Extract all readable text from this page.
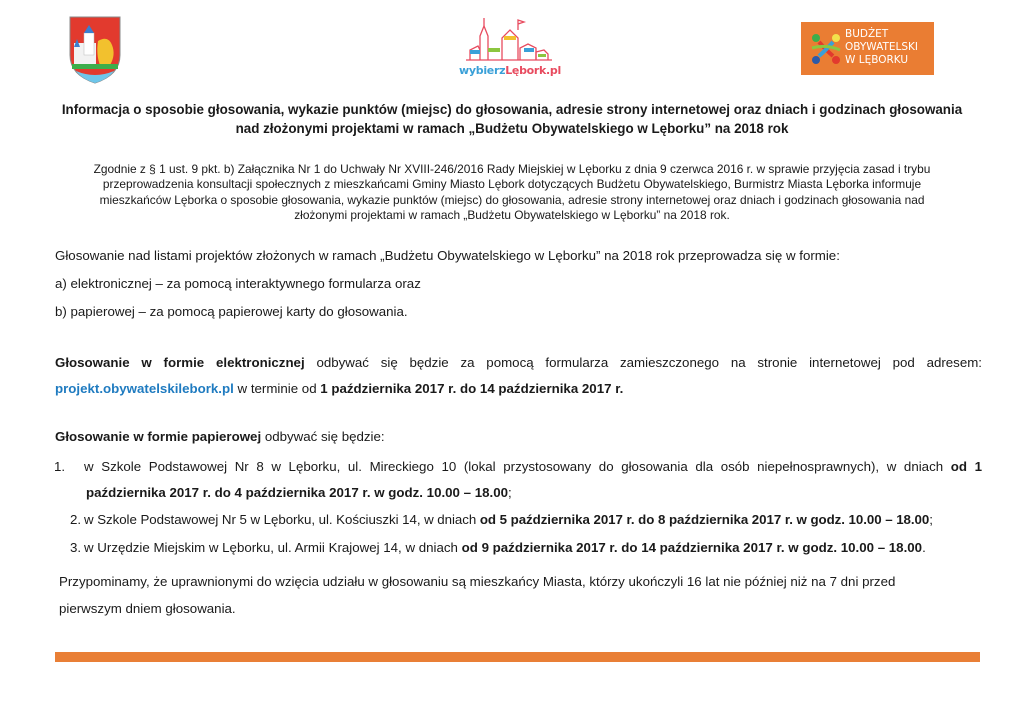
wybierzLębork.pl
BUDŻET
OBYWATELSKI
W LĘBORKU
Informacja o sposobie głosowania, wykazie punktów (miejsc) do głosowania, adresie strony internetowej oraz dniach i godzinach głosowania
nad złożonymi projektami w ramach „Budżetu Obywatelskiego w Lęborku” na 2018 rok
Zgodnie z § 1 ust. 9 pkt. b) Załącznika Nr 1 do Uchwały Nr XVIII-246/2016 Rady Miejskiej w Lęborku z dnia 9 czerwca 2016 r. w sprawie przyjęcia zasad i trybu
przeprowadzenia konsultacji społecznych z mieszkańcami Gminy Miasto Lębork dotyczących Budżetu Obywatelskiego, Burmistrz Miasta Lęborka informuje
mieszkańców Lęborka o sposobie głosowania, wykazie punktów (miejsc) do głosowania, adresie strony internetowej oraz dniach i godzinach głosowania nad
złożonymi projektami w ramach „Budżetu Obywatelskiego w Lęborku” na 2018 rok.
Głosowanie nad listami projektów złożonych w ramach „Budżetu Obywatelskiego w Lęborku” na 2018 rok przeprowadza się w formie:
a) elektronicznej – za pomocą interaktywnego formularza oraz
b) papierowej – za pomocą papierowej karty do głosowania.
Głosowanie w formie elektronicznej odbywać się będzie za pomocą formularza zamieszczonego na stronie internetowej pod adresem: projekt.obywatelskilebork.pl w terminie od 1 października 2017 r. do 14 października 2017 r.
Głosowanie w formie papierowej odbywać się będzie:
1. w Szkole Podstawowej Nr 8 w Lęborku, ul. Mireckiego 10 (lokal przystosowany do głosowania dla osób niepełnosprawnych), w dniach od 1 października 2017 r. do 4 października 2017 r. w godz. 10.00 – 18.00;
2. w Szkole Podstawowej Nr 5 w Lęborku, ul. Kościuszki 14, w dniach od 5 października 2017 r. do 8 października 2017 r. w godz. 10.00 – 18.00;
3. w Urzędzie Miejskim w Lęborku, ul. Armii Krajowej 14, w dniach od 9 października 2017 r. do 14 października 2017 r. w godz. 10.00 – 18.00.
Przypominamy, że uprawnionymi do wzięcia udziału w głosowaniu są mieszkańcy Miasta, którzy ukończyli 16 lat nie później niż na 7 dni przed
pierwszym dniem głosowania.
